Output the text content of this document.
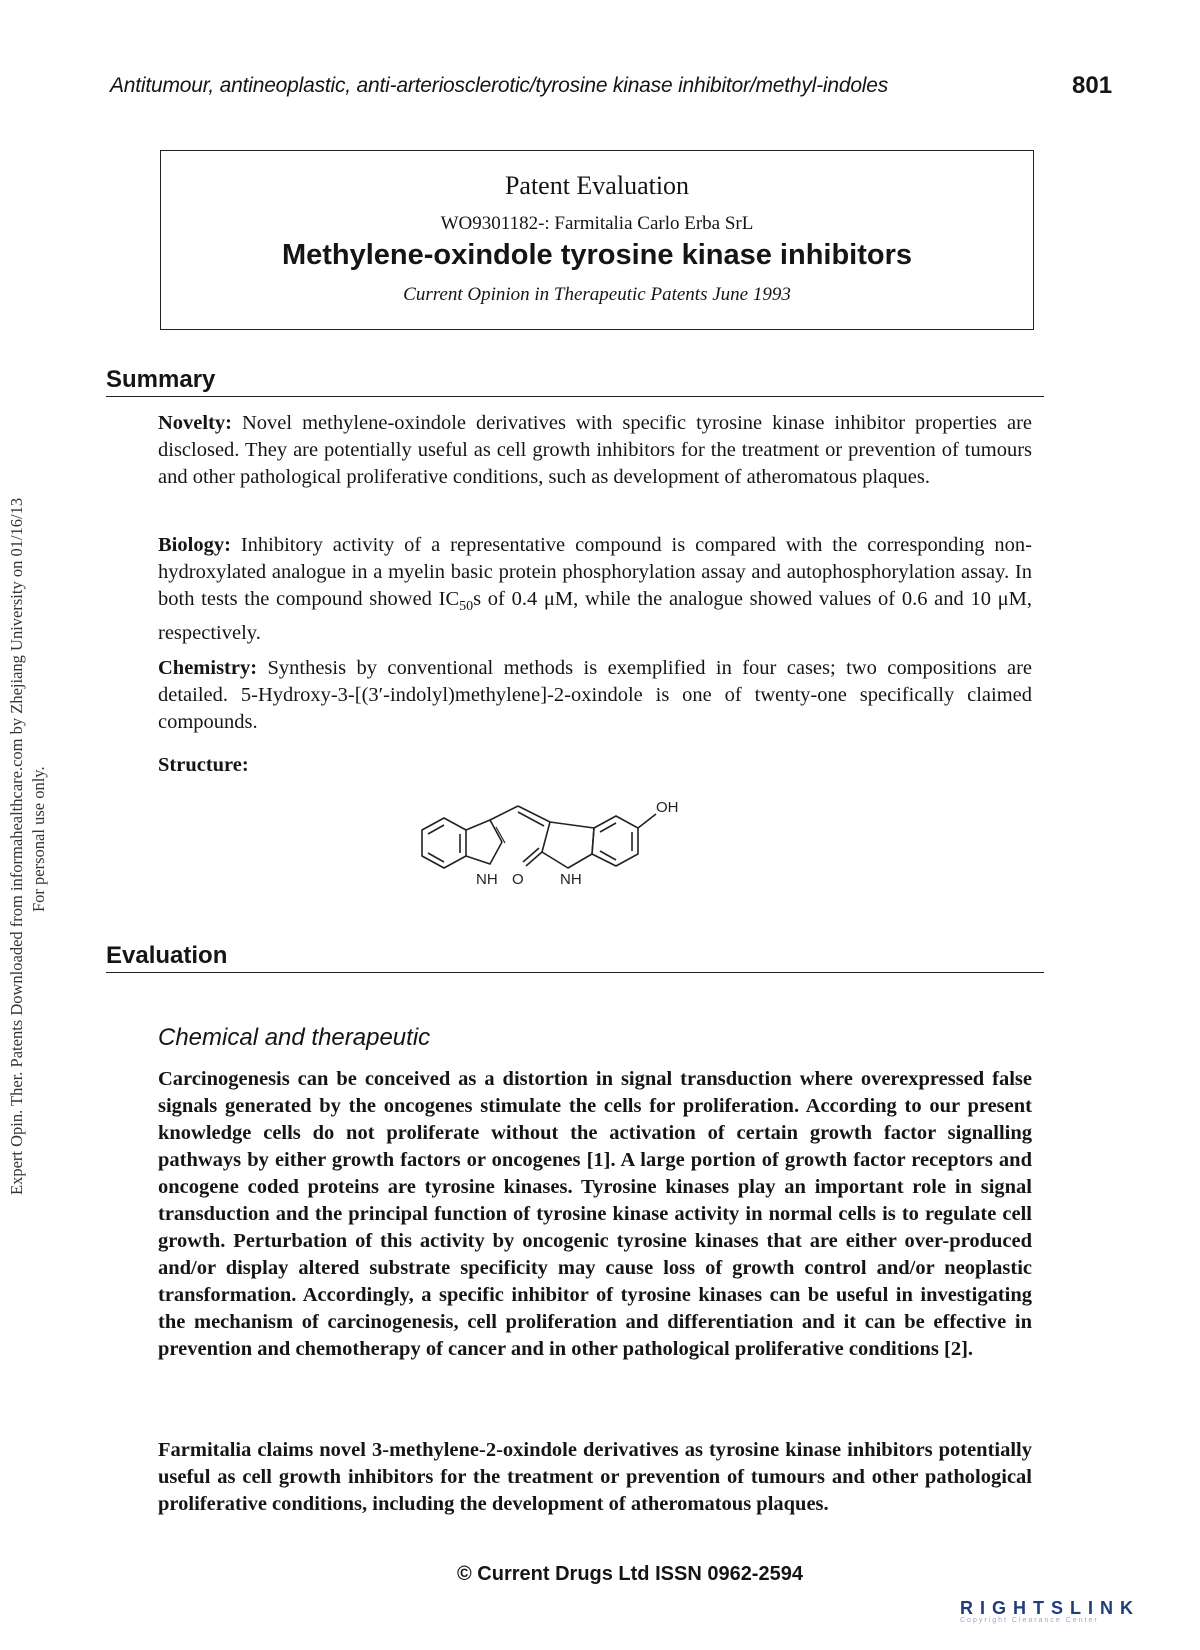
Antitumour, antineoplastic, anti-arteriosclerotic/tyrosine kinase inhibitor/methyl-indoles	801
Patent Evaluation
WO9301182-: Farmitalia Carlo Erba SrL
Methylene-oxindole tyrosine kinase inhibitors
Current Opinion in Therapeutic Patents June 1993
Summary
Novelty: Novel methylene-oxindole derivatives with specific tyrosine kinase inhibitor properties are disclosed. They are potentially useful as cell growth inhibitors for the treatment or prevention of tumours and other pathological proliferative conditions, such as development of atheromatous plaques.
Biology: Inhibitory activity of a representative compound is compared with the corresponding non-hydroxylated analogue in a myelin basic protein phosphorylation assay and autophosphorylation assay. In both tests the compound showed $IC_{50}s$ of 0.4 μM, while the analogue showed values of 0.6 and 10 μM, respectively.
Chemistry: Synthesis by conventional methods is exemplified in four cases; two compositions are detailed. 5-Hydroxy-3-[(3′-indolyl)methylene]-2-oxindole is one of twenty-one specifically claimed compounds.
Structure:
NH O NH
OH
Evaluation
Chemical and therapeutic
Carcinogenesis can be conceived as a distortion in signal transduction where overexpressed false signals generated by the oncogenes stimulate the cells for proliferation. According to our present knowledge cells do not proliferate without the activation of certain growth factor signalling pathways by either growth factors or oncogenes [1]. A large portion of growth factor receptors and oncogene coded proteins are tyrosine kinases. Tyrosine kinases play an important role in signal transduction and the principal function of tyrosine kinase activity in normal cells is to regulate cell growth. Perturbation of this activity by oncogenic tyrosine kinases that are either over-produced and/or display altered substrate specificity may cause loss of growth control and/or neoplastic transformation. Accordingly, a specific inhibitor of tyrosine kinases can be useful in investigating the mechanism of carcinogenesis, cell proliferation and differentiation and it can be effective in prevention and chemotherapy of cancer and in other pathological proliferative conditions [2].
Farmitalia claims novel 3-methylene-2-oxindole derivatives as tyrosine kinase inhibitors potentially useful as cell growth inhibitors for the treatment or prevention of tumours and other pathological proliferative conditions, including the development of atheromatous plaques.
© Current Drugs Ltd ISSN 0962-2594
Expert Opin. Ther. Patents Downloaded from informahealthcare.com by Zhejiang University on 01/16/13 For personal use only.
RIGHTSLINK
Copyright Clearance Center
